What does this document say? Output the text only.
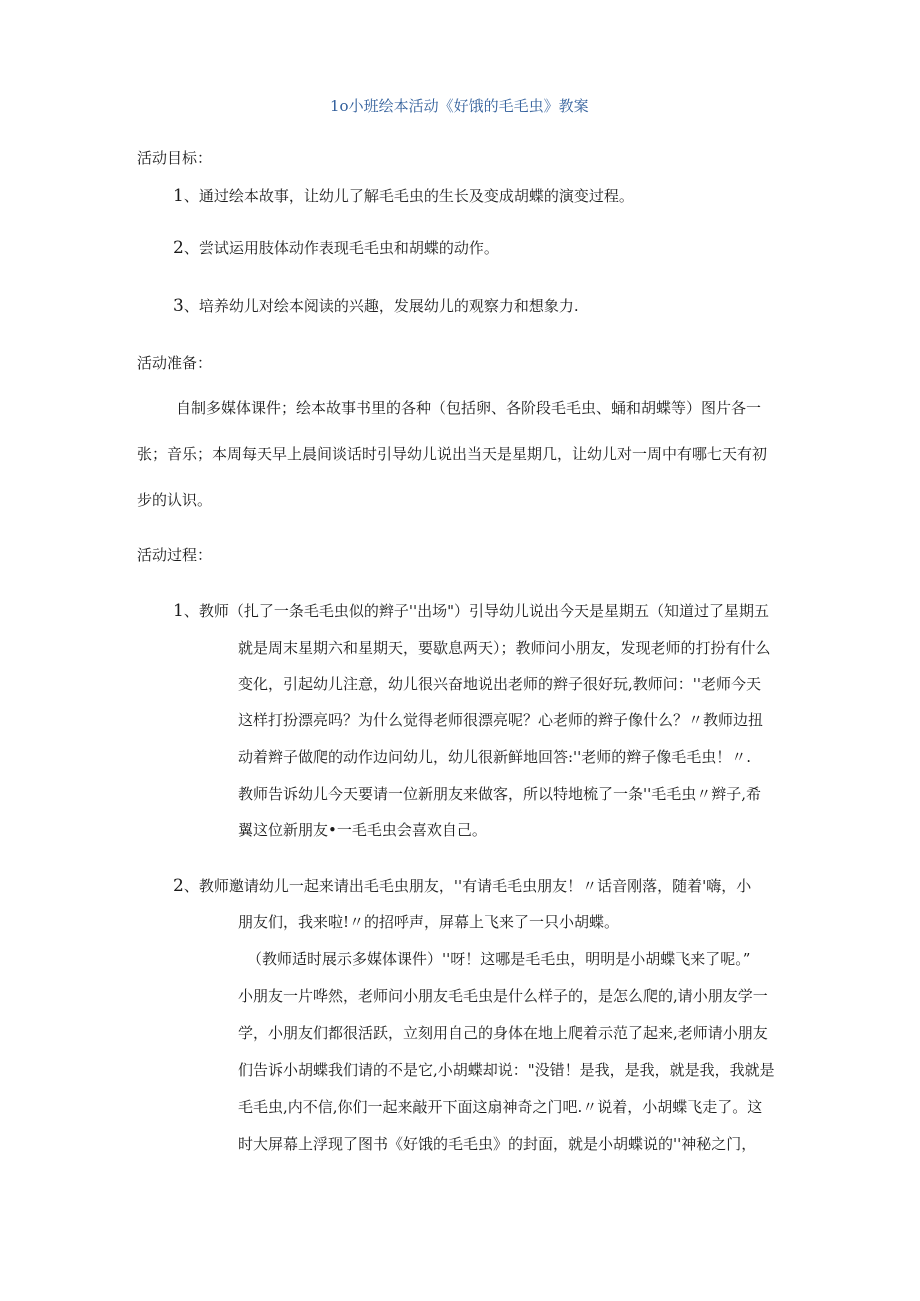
1o小班绘本活动《好饿的毛毛虫》教案
活动目标：
1、通过绘本故事，让幼儿了解毛毛虫的生长及变成胡蝶的演变过程。
2、尝试运用肢体动作表现毛毛虫和胡蝶的动作。
3、培养幼儿对绘本阅读的兴趣，发展幼儿的观察力和想象力.
活动准备：
自制多媒体课件；绘本故事书里的各种（包括卵、各阶段毛毛虫、蛹和胡蝶等）图片各一
张；音乐；本周每天早上晨间谈话时引导幼儿说出当天是星期几，让幼儿对一周中有哪七天有初
步的认识。
活动过程：
1、教师（扎了一条毛毛虫似的辫子''出场"）引导幼儿说出今天是星期五（知道过了星期五
就是周末星期六和星期天，要歇息两天）；教师问小朋友，发现老师的打扮有什么
变化，引起幼儿注意，幼儿很兴奋地说出老师的辫子很好玩,教师问：''老师今天
这样打扮漂亮吗？为什么觉得老师很漂亮呢？心老师的辫子像什么？〃教师边扭
动着辫子做爬的动作边问幼儿，幼儿很新鲜地回答:''老师的辫子像毛毛虫！〃.
教师告诉幼儿今天要请一位新朋友来做客，所以特地梳了一条''毛毛虫〃辫子,希
翼这位新朋友•一毛毛虫会喜欢自己。
2、教师邀请幼儿一起来请出毛毛虫朋友，''有请毛毛虫朋友！〃话音刚落，随着'嗨，小
朋友们，我来啦!〃的招呼声，屏幕上飞来了一只小胡蝶。
（教师适时展示多媒体课件）''呀！这哪是毛毛虫，明明是小胡蝶飞来了呢。”
小朋友一片哗然，老师问小朋友毛毛虫是什么样子的，是怎么爬的,请小朋友学一
学，小朋友们都很活跃，立刻用自己的身体在地上爬着示范了起来,老师请小朋友
们告诉小胡蝶我们请的不是它,小胡蝶却说："没错！是我，是我，就是我，我就是
毛毛虫,内不信,你们一起来敲开下面这扇神奇之门吧.〃说着，小胡蝶飞走了。这
时大屏幕上浮现了图书《好饿的毛毛虫》的封面，就是小胡蝶说的''神秘之门，
